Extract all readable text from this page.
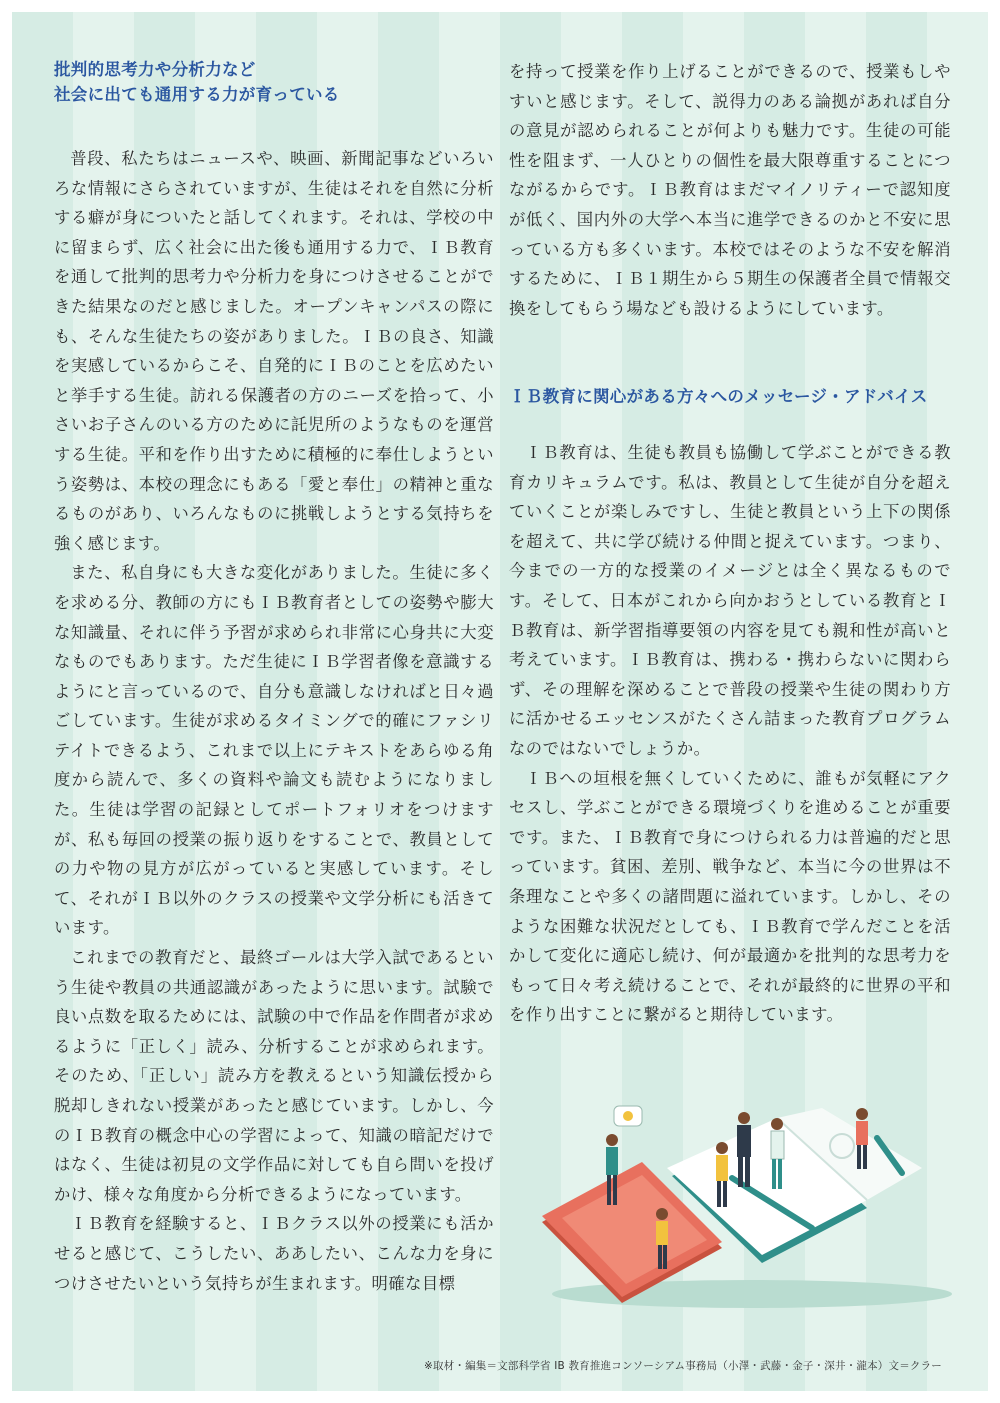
批判的思考力や分析力など
社会に出ても通用する力が育っている

普段、私たちはニュースや、映画、新聞記事などいろいろな情報にさらされていますが、生徒はそれを自然に分析する癖が身についたと話してくれます。それは、学校の中に留まらず、広く社会に出た後も通用する力で、ＩＢ教育を通して批判的思考力や分析力を身につけさせることができた結果なのだと感じました。オープンキャンパスの際にも、そんな生徒たちの姿がありました。ＩＢの良さ、知識を実感しているからこそ、自発的にＩＢのことを広めたいと挙手する生徒。訪れる保護者の方のニーズを拾って、小さいお子さんのいる方のために託児所のようなものを運営する生徒。平和を作り出すために積極的に奉仕しようという姿勢は、本校の理念にもある「愛と奉仕」の精神と重なるものがあり、いろんなものに挑戦しようとする気持ちを強く感じます。

また、私自身にも大きな変化がありました。生徒に多くを求める分、教師の方にもＩＢ教育者としての姿勢や膨大な知識量、それに伴う予習が求められ非常に心身共に大変なものでもあります。ただ生徒にＩＢ学習者像を意識するようにと言っているので、自分も意識しなければと日々過ごしています。生徒が求めるタイミングで的確にファシリテイトできるよう、これまで以上にテキストをあらゆる角度から読んで、多くの資料や論文も読むようになりました。生徒は学習の記録としてポートフォリオをつけますが、私も毎回の授業の振り返りをすることで、教員としての力や物の見方が広がっていると実感しています。そして、それがＩＢ以外のクラスの授業や文学分析にも活きています。

これまでの教育だと、最終ゴールは大学入試であるという生徒や教員の共通認識があったように思います。試験で良い点数を取るためには、試験の中で作品を作問者が求めるように「正しく」読み、分析することが求められます。そのため、「正しい」読み方を教えるという知識伝授から脱却しきれない授業があったと感じています。しかし、今のＩＢ教育の概念中心の学習によって、知識の暗記だけではなく、生徒は初見の文学作品に対しても自ら問いを投げかけ、様々な角度から分析できるようになっています。

ＩＢ教育を経験すると、ＩＢクラス以外の授業にも活かせると感じて、こうしたい、ああしたい、こんな力を身につけさせたいという気持ちが生まれます。明確な目標

を持って授業を作り上げることができるので、授業もしやすいと感じます。そして、説得力のある論拠があれば自分の意見が認められることが何よりも魅力です。生徒の可能性を阻まず、一人ひとりの個性を最大限尊重することにつながるからです。ＩＢ教育はまだマイノリティーで認知度が低く、国内外の大学へ本当に進学できるのかと不安に思っている方も多くいます。本校ではそのような不安を解消するために、ＩＢ１期生から５期生の保護者全員で情報交換をしてもらう場なども設けるようにしています。

ＩＢ教育に関心がある方々へのメッセージ・アドバイス

ＩＢ教育は、生徒も教員も協働して学ぶことができる教育カリキュラムです。私は、教員として生徒が自分を超えていくことが楽しみですし、生徒と教員という上下の関係を超えて、共に学び続ける仲間と捉えています。つまり、今までの一方的な授業のイメージとは全く異なるものです。そして、日本がこれから向かおうとしている教育とＩＢ教育は、新学習指導要領の内容を見ても親和性が高いと考えています。ＩＢ教育は、携わる・携わらないに関わらず、その理解を深めることで普段の授業や生徒の関わり方に活かせるエッセンスがたくさん詰まった教育プログラムなのではないでしょうか。

ＩＢへの垣根を無くしていくために、誰もが気軽にアクセスし、学ぶことができる環境づくりを進めることが重要です。また、ＩＢ教育で身につけられる力は普遍的だと思っています。貧困、差別、戦争など、本当に今の世界は不条理なことや多くの諸問題に溢れています。しかし、そのような困難な状況だとしても、ＩＢ教育で学んだことを活かして変化に適応し続け、何が最適かを批判的な思考力をもって日々考え続けることで、それが最終的に世界の平和を作り出すことに繋がると期待しています。

※取材・編集＝文部科学省 IB 教育推進コンソーシアム事務局（小澤・武藤・金子・深井・瀧本）文＝クラー
